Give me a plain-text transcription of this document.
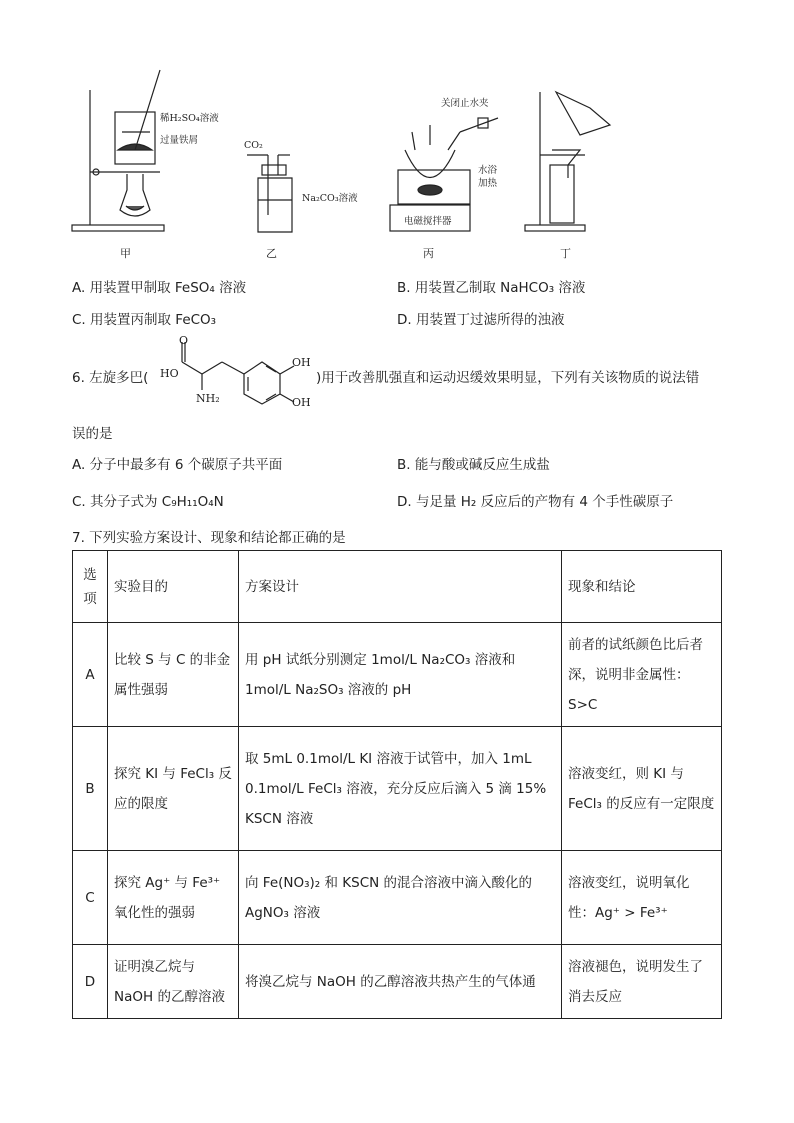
稀H₂SO₄溶液
过量铁屑
甲
CO₂
Na₂CO₃溶液
乙
关闭止水夹
水浴
加热
电磁搅拌器
丙	丁
A. 用装置甲制取 FeSO₄ 溶液	B. 用装置乙制取 NaHCO₃ 溶液
C. 用装置丙制取 FeCO₃	D. 用装置丁过滤所得的浊液
6. 左旋多巴(
O
HO
NH₂
OH
OH
)用于改善肌强直和运动迟缓效果明显，下列有关该物质的说法错
误的是
A. 分子中最多有 6 个碳原子共平面	B. 能与酸或碱反应生成盐
C. 其分子式为 C₉H₁₁O₄N	D. 与足量 H₂ 反应后的产物有 4 个手性碳原子
7. 下列实验方案设计、现象和结论都正确的是
选项	实验目的	方案设计	现象和结论
A	比较 S 与 C 的非金属性强弱	用 pH 试纸分别测定 1mol/L Na₂CO₃ 溶液和 1mol/L Na₂SO₃ 溶液的 pH	前者的试纸颜色比后者深，说明非金属性：S>C
B	探究 KI 与 FeCl₃ 反应的限度	取 5mL 0.1mol/L KI 溶液于试管中，加入 1mL 0.1mol/L FeCl₃ 溶液，充分反应后滴入 5 滴 15% KSCN 溶液	溶液变红，则 KI 与 FeCl₃ 的反应有一定限度
C	探究 Ag⁺ 与 Fe³⁺ 氧化性的强弱	向 Fe(NO₃)₂ 和 KSCN 的混合溶液中滴入酸化的 AgNO₃ 溶液	溶液变红，说明氧化性：Ag⁺ > Fe³⁺
D	证明溴乙烷与 NaOH 的乙醇溶液	将溴乙烷与 NaOH 的乙醇溶液共热产生的气体通	溶液褪色，说明发生了消去反应
